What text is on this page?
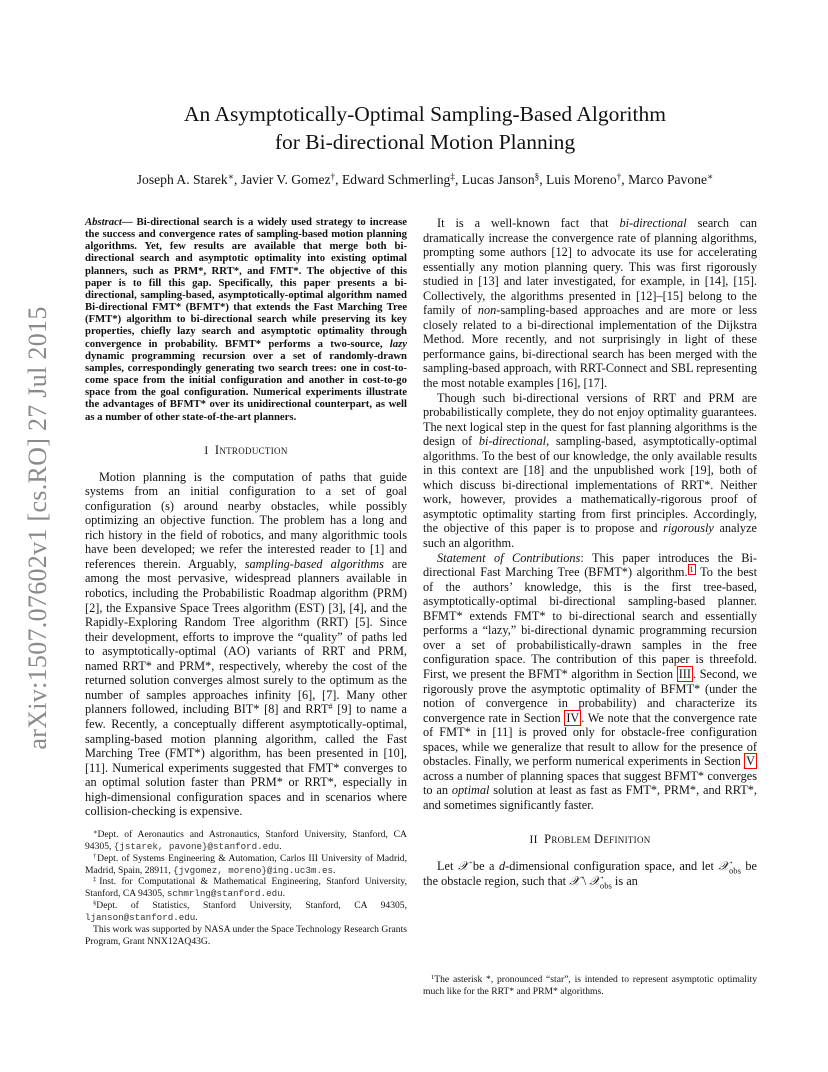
arXiv:1507.07602v1 [cs.RO] 27 Jul 2015
An Asymptotically-Optimal Sampling-Based Algorithm
for Bi-directional Motion Planning
Joseph A. Starek∗, Javier V. Gomez†, Edward Schmerling‡, Lucas Janson§, Luis Moreno†, Marco Pavone∗

Abstract— Bi-directional search is a widely used strategy to increase the success and convergence rates of sampling-based motion planning algorithms. Yet, few results are available that merge both bi-directional search and asymptotic optimality into existing optimal planners, such as PRM*, RRT*, and FMT*. The objective of this paper is to fill this gap. Specifically, this paper presents a bi-directional, sampling-based, asymptotically-optimal algorithm named Bi-directional FMT* (BFMT*) that extends the Fast Marching Tree (FMT*) algorithm to bi-directional search while preserving its key properties, chiefly lazy search and asymptotic optimality through convergence in probability. BFMT* performs a two-source, lazy dynamic programming recursion over a set of randomly-drawn samples, correspondingly generating two search trees: one in cost-to-come space from the initial configuration and another in cost-to-go space from the goal configuration. Numerical experiments illustrate the advantages of BFMT* over its unidirectional counterpart, as well as a number of other state-of-the-art planners.

I Introduction

Motion planning is the computation of paths that guide systems from an initial configuration to a set of goal configuration (s) around nearby obstacles, while possibly optimizing an objective function. The problem has a long and rich history in the field of robotics, and many algorithmic tools have been developed; we refer the interested reader to [1] and references therein. Arguably, sampling-based algorithms are among the most pervasive, widespread planners available in robotics, including the Probabilistic Roadmap algorithm (PRM) [2], the Expansive Space Trees algorithm (EST) [3], [4], and the Rapidly-Exploring Random Tree algorithm (RRT) [5]. Since their development, efforts to improve the “quality” of paths led to asymptotically-optimal (AO) variants of RRT and PRM, named RRT* and PRM*, respectively, whereby the cost of the returned solution converges almost surely to the optimum as the number of samples approaches infinity [6], [7]. Many other planners followed, including BIT* [8] and RRT# [9] to name a few. Recently, a conceptually different asymptotically-optimal, sampling-based motion planning algorithm, called the Fast Marching Tree (FMT*) algorithm, has been presented in [10], [11]. Numerical experiments suggested that FMT* converges to an optimal solution faster than PRM* or RRT*, especially in high-dimensional configuration spaces and in scenarios where collision-checking is expensive.

∗Dept. of Aeronautics and Astronautics, Stanford University, Stanford, CA 94305, {jstarek, pavone}@stanford.edu.

†Dept. of Systems Engineering & Automation, Carlos III University of Madrid, Madrid, Spain, 28911, {jvgomez, moreno}@ing.uc3m.es.

‡Inst. for Computational & Mathematical Engineering, Stanford University, Stanford, CA 94305, schmrlng@stanford.edu.

§Dept. of Statistics, Stanford University, Stanford, CA 94305, ljanson@stanford.edu.

This work was supported by NASA under the Space Technology Research Grants Program, Grant NNX12AQ43G.

It is a well-known fact that bi-directional search can dramatically increase the convergence rate of planning algorithms, prompting some authors [12] to advocate its use for accelerating essentially any motion planning query. This was first rigorously studied in [13] and later investigated, for example, in [14], [15]. Collectively, the algorithms presented in [12]–[15] belong to the family of non-sampling-based approaches and are more or less closely related to a bi-directional implementation of the Dijkstra Method. More recently, and not surprisingly in light of these performance gains, bi-directional search has been merged with the sampling-based approach, with RRT-Connect and SBL representing the most notable examples [16], [17].

Though such bi-directional versions of RRT and PRM are probabilistically complete, they do not enjoy optimality guarantees. The next logical step in the quest for fast planning algorithms is the design of bi-directional, sampling-based, asymptotically-optimal algorithms. To the best of our knowledge, the only available results in this context are [18] and the unpublished work [19], both of which discuss bi-directional implementations of RRT*. Neither work, however, provides a mathematically-rigorous proof of asymptotic optimality starting from first principles. Accordingly, the objective of this paper is to propose and rigorously analyze such an algorithm.

Statement of Contributions: This paper introduces the Bi-directional Fast Marching Tree (BFMT*) algorithm. $^1$ To the best of the authors’ knowledge, this is the first tree-based, asymptotically-optimal bi-directional sampling-based planner. BFMT* extends FMT* to bi-directional search and essentially performs a “lazy,” bi-directional dynamic programming recursion over a set of probabilistically-drawn samples in the free configuration space. The contribution of this paper is threefold. First, we present the BFMT* algorithm in Section III . Second, we rigorously prove the asymptotic optimality of BFMT* (under the notion of convergence in probability) and characterize its convergence rate in Section IV . We note that the convergence rate of FMT* in [11] is proved only for obstacle-free configuration spaces, while we generalize that result to allow for the presence of obstacles. Finally, we perform numerical experiments in Section V across a number of planning spaces that suggest BFMT* converges to an optimal solution at least as fast as FMT*, PRM*, and RRT*, and sometimes significantly faster.

II Problem Definition

Let 𝒳 be a d-dimensional configuration space, and let 𝒳$_{obs}$ be the obstacle region, such that 𝒳 \ 𝒳$_{obs}$ is an

$^1$The asterisk *, pronounced “star”, is intended to represent asymptotic optimality much like for the RRT* and PRM* algorithms.
